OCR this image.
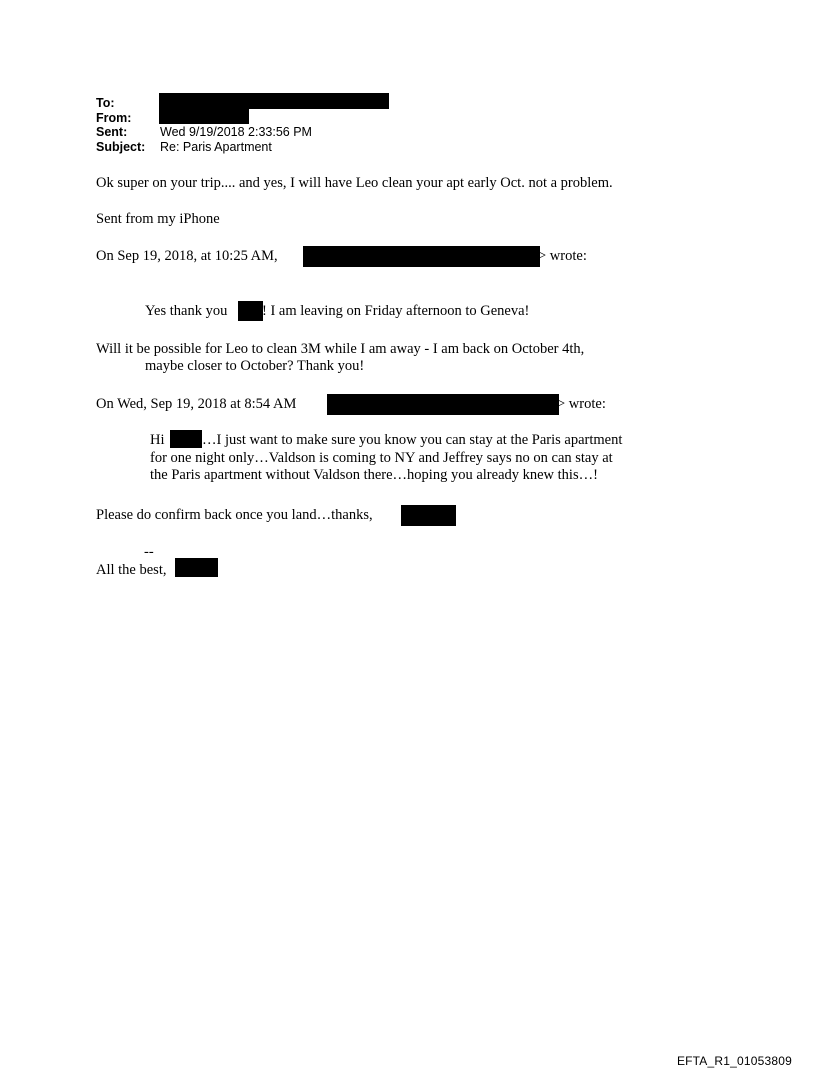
To:
From:
Sent:	Wed 9/19/2018 2:33:56 PM
Subject:	Re: Paris Apartment
Ok super on your trip.... and yes, I will have Leo clean your apt early Oct. not a problem.
Sent from my iPhone
On Sep 19, 2018, at 10:25 AM,	> wrote:
Yes thank you ! I am leaving on Friday afternoon to Geneva!
Will it be possible for Leo to clean 3M while I am away - I am back on October 4th,
maybe closer to October? Thank you!
On Wed, Sep 19, 2018 at 8:54 AM	> wrote:
Hi	…I just want to make sure you know you can stay at the Paris apartment
for one night only…Valdson is coming to NY and Jeffrey says no on can stay at
the Paris apartment without Valdson there…hoping you already knew this…!
Please do confirm back once you land…thanks,
--
All the best,
EFTA_R1_01053809
